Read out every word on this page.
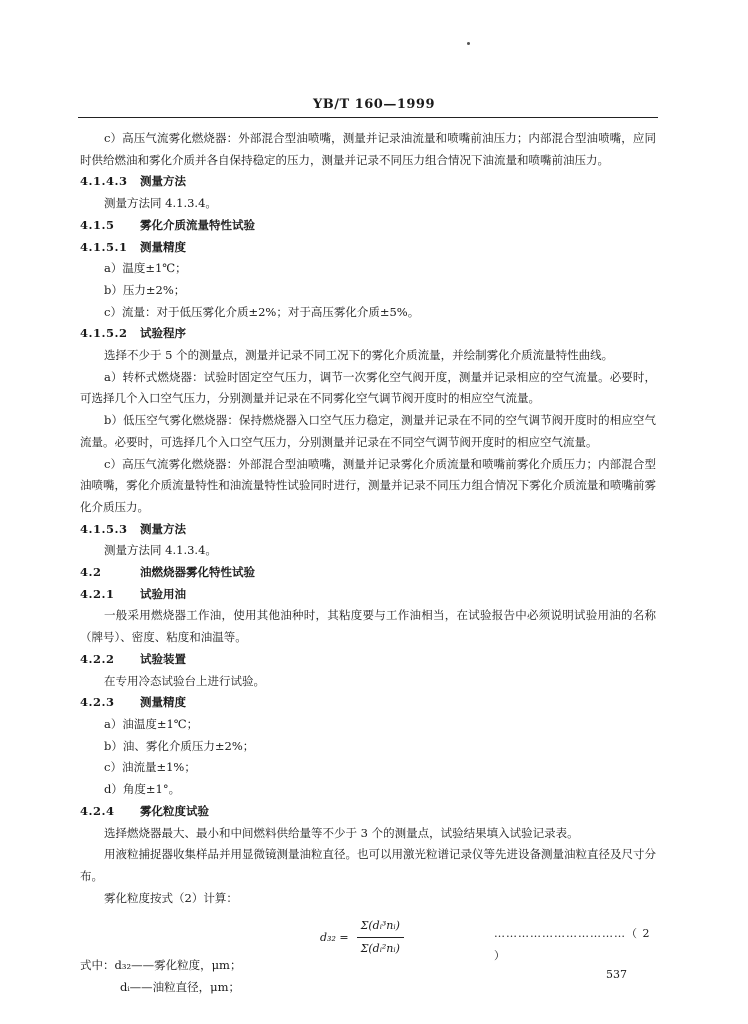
YB/T 160—1999

c）高压气流雾化燃烧器：外部混合型油喷嘴，测量并记录油流量和喷嘴前油压力；内部混合型油喷嘴，应同时供给燃油和雾化介质并各自保持稳定的压力，测量并记录不同压力组合情况下油流量和喷嘴前油压力。

4.1.4.3 测量方法

测量方法同 4.1.3.4。

4.1.5 雾化介质流量特性试验

4.1.5.1 测量精度

a）温度±1℃；

b）压力±2%；

c）流量：对于低压雾化介质±2%；对于高压雾化介质±5%。

4.1.5.2 试验程序

选择不少于 5 个的测量点，测量并记录不同工况下的雾化介质流量，并绘制雾化介质流量特性曲线。

a）转杯式燃烧器：试验时固定空气压力，调节一次雾化空气阀开度，测量并记录相应的空气流量。必要时，可选择几个入口空气压力，分别测量并记录在不同雾化空气调节阀开度时的相应空气流量。

b）低压空气雾化燃烧器：保持燃烧器入口空气压力稳定，测量并记录在不同的空气调节阀开度时的相应空气流量。必要时，可选择几个入口空气压力，分别测量并记录在不同空气调节阀开度时的相应空气流量。

c）高压气流雾化燃烧器：外部混合型油喷嘴，测量并记录雾化介质流量和喷嘴前雾化介质压力；内部混合型油喷嘴，雾化介质流量特性和油流量特性试验同时进行，测量并记录不同压力组合情况下雾化介质流量和喷嘴前雾化介质压力。

4.1.5.3 测量方法

测量方法同 4.1.3.4。

4.2	油燃烧器雾化特性试验

4.2.1 试验用油

一般采用燃烧器工作油，使用其他油种时，其粘度要与工作油相当，在试验报告中必须说明试验用油的名称（牌号）、密度、粘度和油温等。

4.2.2 试验装置

在专用冷态试验台上进行试验。

4.2.3 测量精度

a）油温度±1℃；

b）油、雾化介质压力±2%；

c）油流量±1%；

d）角度±1°。

4.2.4 雾化粒度试验

选择燃烧器最大、最小和中间燃料供给量等不少于 3 个的测量点，试验结果填入试验记录表。

用液粒捕捉器收集样品并用显微镜测量油粒直径。也可以用激光粒谱记录仪等先进设备测量油粒直径及尺寸分布。

雾化粒度按式（2）计算：

$d_{32} = \frac{\text{Σ(dᵢ³nᵢ)}}{\text{Σ(dᵢ²nᵢ)}}$	……………………………（ 2 ）

式中：d₃₂——雾化粒度，μm；

dᵢ——油粒直径，μm；

537
